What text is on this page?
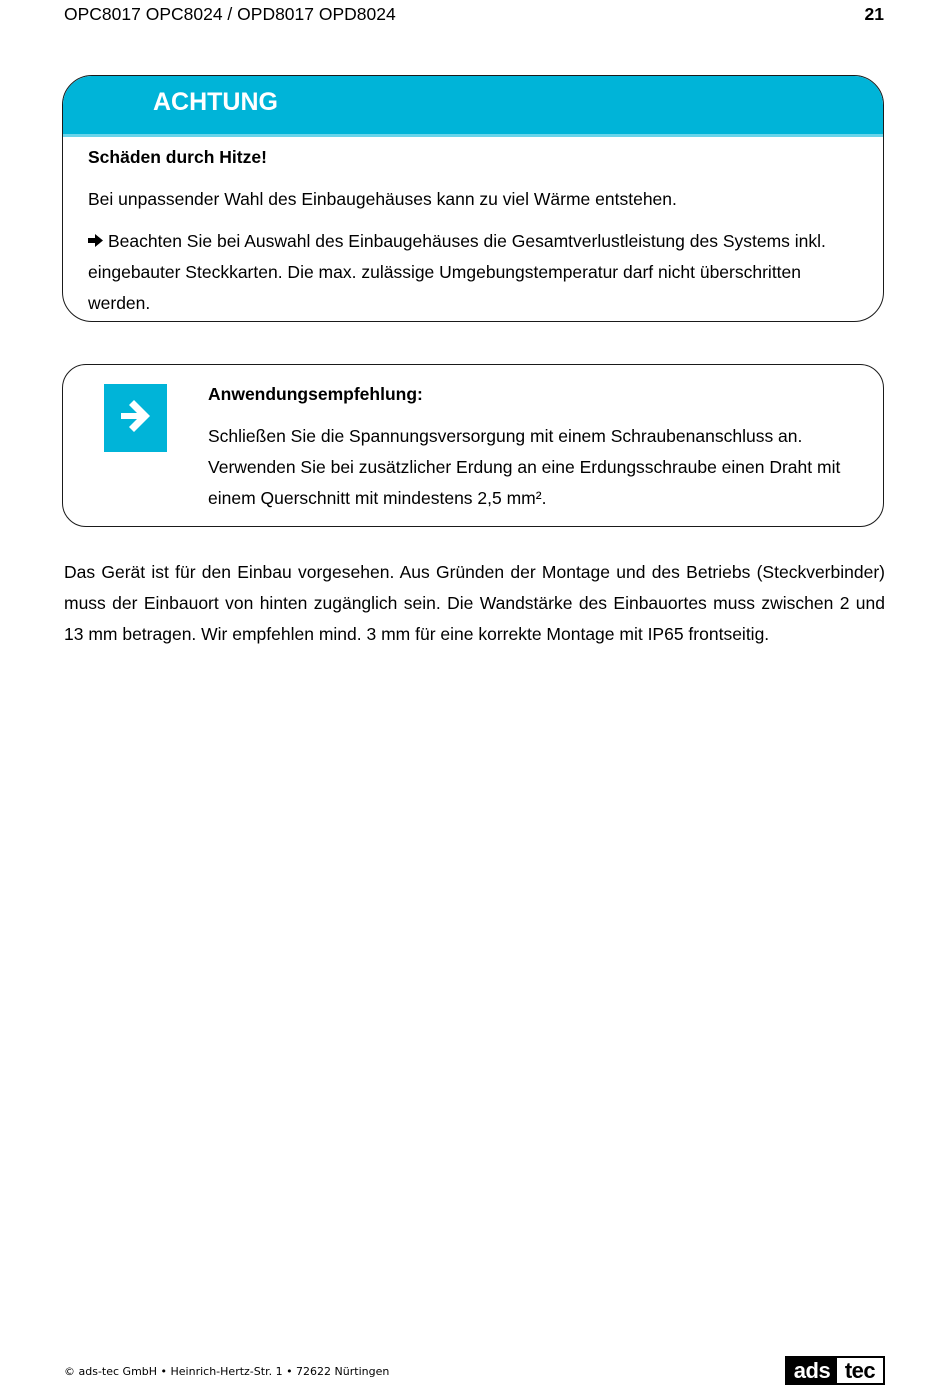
OPC8017 OPC8024 / OPD8017 OPD8024	21
ACHTUNG

Schäden durch Hitze!

Bei unpassender Wahl des Einbaugehäuses kann zu viel Wärme entstehen.

Beachten Sie bei Auswahl des Einbaugehäuses die Gesamtverlustleistung des Systems inkl. eingebauter Steckkarten. Die max. zulässige Umgebungstemperatur darf nicht überschritten werden.

Anwendungsempfehlung:

Schließen Sie die Spannungsversorgung mit einem Schraubenanschluss an. Verwenden Sie bei zusätzlicher Erdung an eine Erdungsschraube einen Draht mit einem Querschnitt mit mindestens 2,5 mm².

Das Gerät ist für den Einbau vorgesehen. Aus Gründen der Montage und des Betriebs (Steckverbinder) muss der Einbauort von hinten zugänglich sein. Die Wandstärke des Einbauortes muss zwischen 2 und 13 mm betragen. Wir empfehlen mind. 3 mm für eine korrekte Montage mit IP65 frontseitig.

© ads-tec GmbH • Heinrich-Hertz-Str. 1 • 72622 Nürtingen	ads tec
